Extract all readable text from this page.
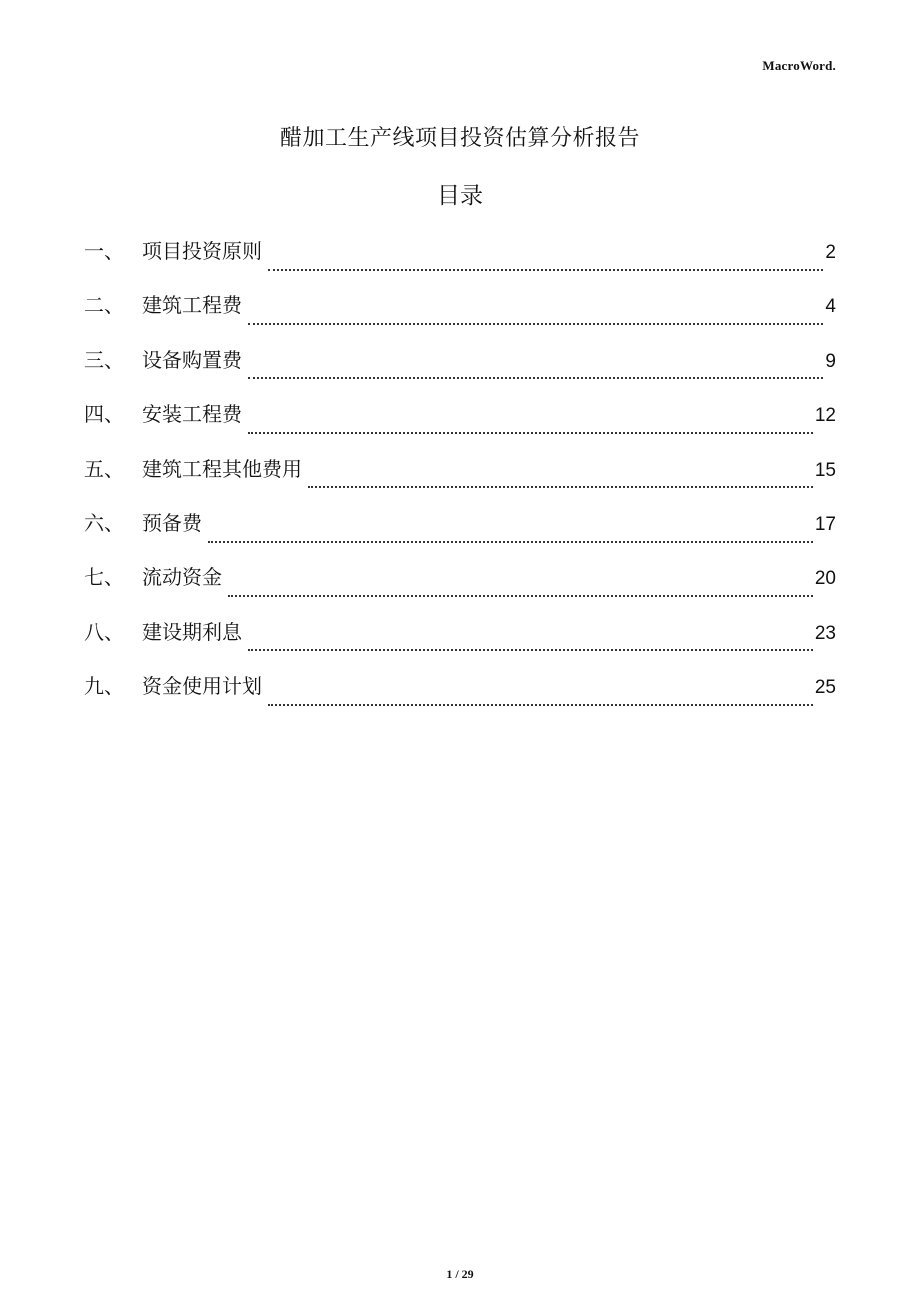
MacroWord.
醋加工生产线项目投资估算分析报告
目录
一、 项目投资原则	2
二、 建筑工程费	4
三、 设备购置费	9
四、 安装工程费	12
五、 建筑工程其他费用	15
六、 预备费	17
七、 流动资金	20
八、 建设期利息	23
九、 资金使用计划	25
1 / 29
